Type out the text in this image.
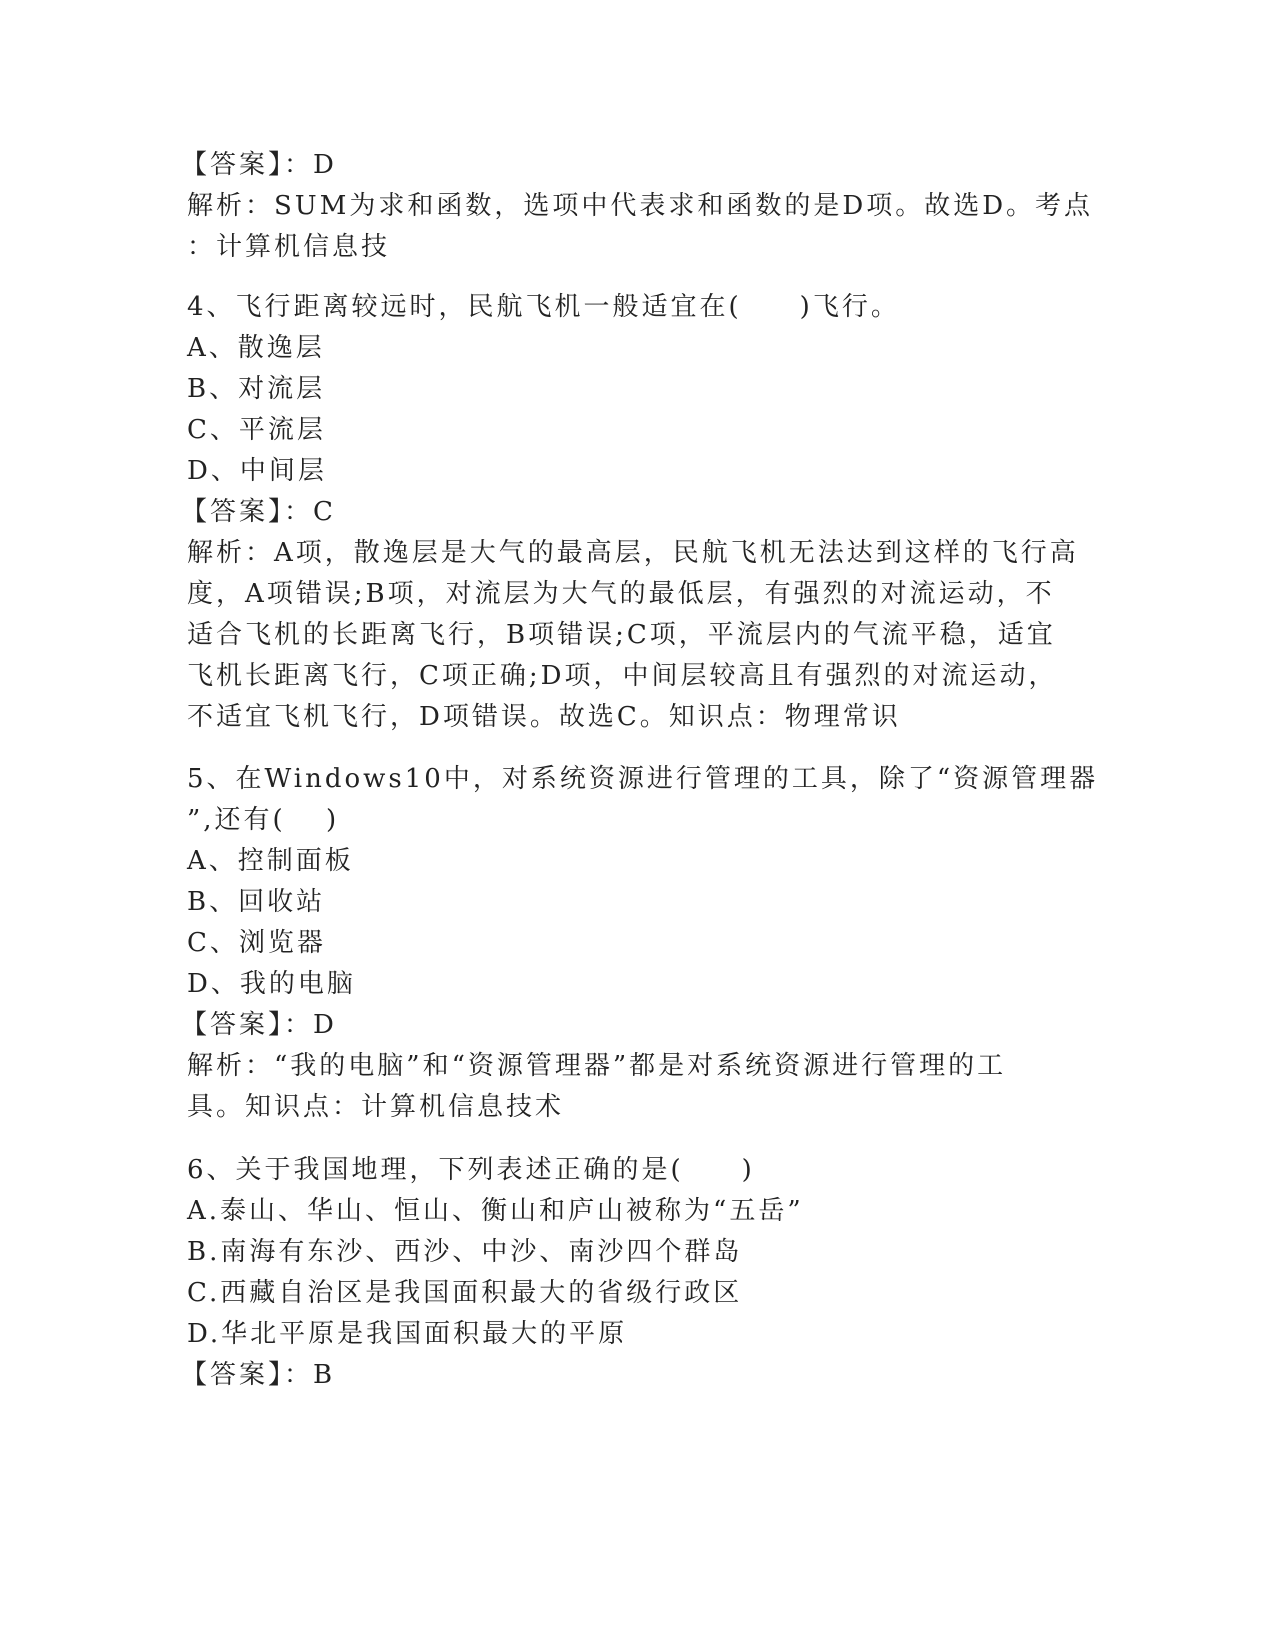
【答案】：D
解析：SUM为求和函数，选项中代表求和函数的是D项。故选D。考点
：计算机信息技
4、飞行距离较远时，民航飞机一般适宜在(　　)飞行。
A、散逸层
B、对流层
C、平流层
D、中间层
【答案】：C
解析：A项，散逸层是大气的最高层，民航飞机无法达到这样的飞行高
度，A项错误;B项，对流层为大气的最低层，有强烈的对流运动，不
适合飞机的长距离飞行，B项错误;C项，平流层内的气流平稳，适宜
飞机长距离飞行，C项正确;D项，中间层较高且有强烈的对流运动，
不适宜飞机飞行，D项错误。故选C。知识点：物理常识
5、在Windows10中，对系统资源进行管理的工具，除了“资源管理器
”,还有(　 )
A、控制面板
B、回收站
C、浏览器
D、我的电脑
【答案】：D
解析：“我的电脑”和“资源管理器”都是对系统资源进行管理的工
具。知识点：计算机信息技术
6、关于我国地理，下列表述正确的是(　　)
A.泰山、华山、恒山、衡山和庐山被称为“五岳”
B.南海有东沙、西沙、中沙、南沙四个群岛
C.西藏自治区是我国面积最大的省级行政区
D.华北平原是我国面积最大的平原
【答案】：B
